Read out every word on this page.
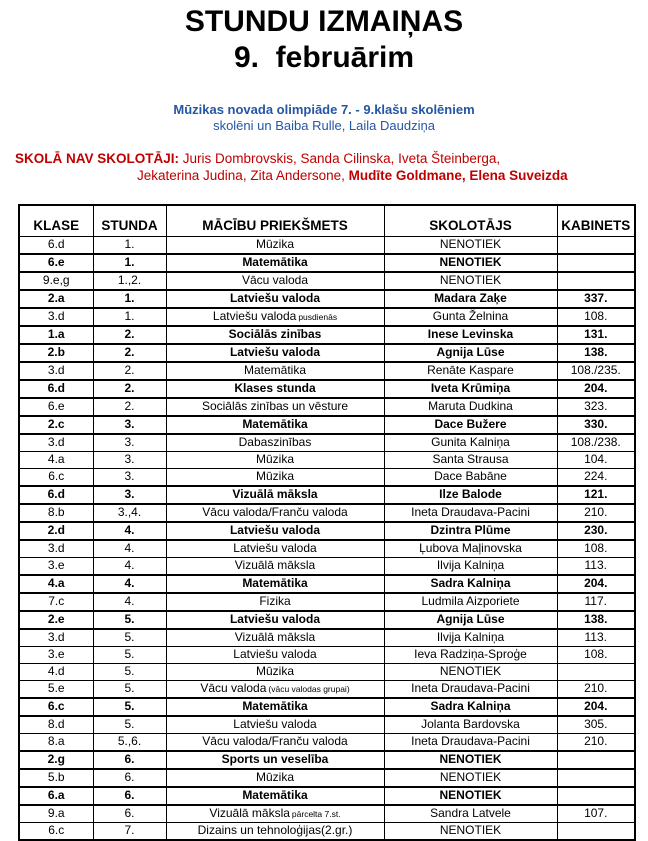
STUNDU IZMAIŅAS
9.  februārim
Mūzikas novada olimpiāde 7. - 9.klašu skolēniem
skolēni un Baiba Rulle, Laila Daudziņa
SKOLĀ NAV SKOLOTĀJI: Juris Dombrovskis, Sanda Cilinska, Iveta Šteinberga,
Jekaterina Judina, Zita Andersone, Mudīte Goldmane, Elena Suveizda
KLASE	STUNDA	MĀCĪBU PRIEKŠMETS	SKOLOTĀJS	KABINETS
6.d	1.	Mūzika	NENOTIEK	
6.e	1.	Matemātika	NENOTIEK	
9.e,g	1.,2.	Vācu valoda	NENOTIEK	
2.a	1.	Latviešu valoda	Madara Zaķe	337.
3.d	1.	Latviešu valoda pusdienās	Gunta Želnina	108.
1.a	2.	Sociālās zinības	Inese Levinska	131.
2.b	2.	Latviešu valoda	Agnija Lūse	138.
3.d	2.	Matemātika	Renāte Kaspare	108./235.
6.d	2.	Klases stunda	Iveta Krūmiņa	204.
6.e	2.	Sociālās zinības un vēsture	Maruta Dudkina	323.
2.c	3.	Matemātika	Dace Bužere	330.
3.d	3.	Dabaszinības	Gunita Kalniņa	108./238.
4.a	3.	Mūzika	Santa Strausa	104.
6.c	3.	Mūzika	Dace Babāne	224.
6.d	3.	Vizuālā māksla	Ilze Balode	121.
8.b	3.,4.	Vācu valoda/Franču valoda	Ineta Draudava-Pacini	210.
2.d	4.	Latviešu valoda	Dzintra Plūme	230.
3.d	4.	Latviešu valoda	Ļubova Maļinovska	108.
3.e	4.	Vizuālā māksla	Ilvija Kalniņa	113.
4.a	4.	Matemātika	Sadra Kalniņa	204.
7.c	4.	Fizika	Ludmila Aizporiete	117.
2.e	5.	Latviešu valoda	Agnija Lūse	138.
3.d	5.	Vizuālā māksla	Ilvija Kalniņa	113.
3.e	5.	Latviešu valoda	Ieva Radziņa-Sproģe	108.
4.d	5.	Mūzika	NENOTIEK	
5.e	5.	Vācu valoda (vācu valodas grupai)	Ineta Draudava-Pacini	210.
6.c	5.	Matemātika	Sadra Kalniņa	204.
8.d	5.	Latviešu valoda	Jolanta Bardovska	305.
8.a	5.,6.	Vācu valoda/Franču valoda	Ineta Draudava-Pacini	210.
2.g	6.	Sports un veselība	NENOTIEK	
5.b	6.	Mūzika	NENOTIEK	
6.a	6.	Matemātika	NENOTIEK	
9.a	6.	Vizuālā māksla pārcelta 7.st.	Sandra Latvele	107.
6.c	7.	Dizains un tehnoloģijas(2.gr.)	NENOTIEK	
